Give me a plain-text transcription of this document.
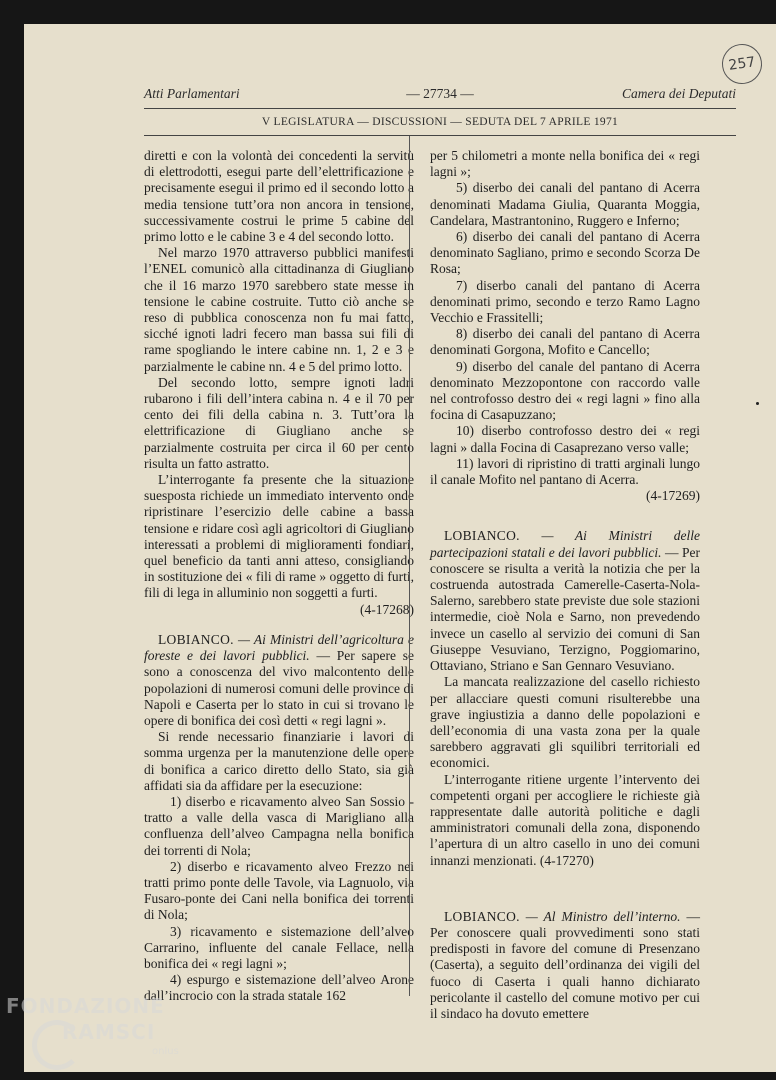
257
Atti Parlamentari	— 27734 —	Camera dei Deputati
V LEGISLATURA — DISCUSSIONI — SEDUTA DEL 7 APRILE 1971

diretti e con la volontà dei concedenti la servitù di elettrodotti, esegui parte dell’elettrificazione e precisamente esegui il primo ed il secondo lotto a media tensione tutt’ora non ancora in tensione, successivamente costrui le prime 5 cabine del primo lotto e le cabine 3 e 4 del secondo lotto.

Nel marzo 1970 attraverso pubblici manifesti l’ENEL comunicò alla cittadinanza di Giugliano che il 16 marzo 1970 sarebbero state messe in tensione le cabine costruite. Tutto ciò anche se reso di pubblica conoscenza non fu mai fatto, sicché ignoti ladri fecero man bassa sui fili di rame spogliando le intere cabine nn. 1, 2 e 3 e parzialmente le cabine nn. 4 e 5 del primo lotto.

Del secondo lotto, sempre ignoti ladri rubarono i fili dell’intera cabina n. 4 e il 70 per cento dei fili della cabina n. 3. Tutt’ora la elettrificazione di Giugliano anche se parzialmente costruita per circa il 60 per cento risulta un fatto astratto.

L’interrogante fa presente che la situazione suesposta richiede un immediato intervento onde ripristinare l’esercizio delle cabine a bassa tensione e ridare così agli agricoltori di Giugliano interessati a problemi di miglioramenti fondiari, quel beneficio da tanti anni atteso, consigliando in sostituzione dei « fili di rame » oggetto di furti, fili di lega in alluminio non soggetti a furti.

(4-17268)

LOBIANCO. — Ai Ministri dell’agricoltura e foreste e dei lavori pubblici. — Per sapere se sono a conoscenza del vivo malcontento delle popolazioni di numerosi comuni delle province di Napoli e Caserta per lo stato in cui si trovano le opere di bonifica dei così detti « regi lagni ».

Si rende necessario finanziarie i lavori di somma urgenza per la manutenzione delle opere di bonifica a carico diretto dello Stato, sia già affidati sia da affidare per la esecuzione:

1) diserbo e ricavamento alveo San Sossio - tratto a valle della vasca di Marigliano alla confluenza dell’alveo Campagna nella bonifica dei torrenti di Nola;

2) diserbo e ricavamento alveo Frezzo nei tratti primo ponte delle Tavole, via Lagnuolo, via Fusaro-ponte dei Cani nella bonifica dei torrenti di Nola;

3) ricavamento e sistemazione dell’alveo Carrarino, influente del canale Fellace, nella bonifica dei « regi lagni »;

4) espurgo e sistemazione dell’alveo Arone dall’incrocio con la strada statale 162

per 5 chilometri a monte nella bonifica dei « regi lagni »;

5) diserbo dei canali del pantano di Acerra denominati Madama Giulia, Quaranta Moggia, Candelara, Mastrantonino, Ruggero e Inferno;

6) diserbo dei canali del pantano di Acerra denominato Sagliano, primo e secondo Scorza De Rosa;

7) diserbo canali del pantano di Acerra denominati primo, secondo e terzo Ramo Lagno Vecchio e Frassitelli;

8) diserbo dei canali del pantano di Acerra denominati Gorgona, Mofito e Cancello;

9) diserbo del canale del pantano di Acerra denominato Mezzopontone con raccordo valle nel controfosso destro dei « regi lagni » fino alla focina di Casapuzzano;

10) diserbo controfosso destro dei « regi lagni » dalla Focina di Casaprezano verso valle;

11) lavori di ripristino di tratti arginali lungo il canale Mofito nel pantano di Acerra.

(4-17269)

LOBIANCO. — Ai Ministri delle partecipazioni statali e dei lavori pubblici. — Per conoscere se risulta a verità la notizia che per la costruenda autostrada Camerelle-Caserta-Nola-Salerno, sarebbero state previste due sole stazioni intermedie, cioè Nola e Sarno, non prevedendo invece un casello al servizio dei comuni di San Giuseppe Vesuviano, Terzigno, Poggiomarino, Ottaviano, Striano e San Gennaro Vesuviano.

La mancata realizzazione del casello richiesto per allacciare questi comuni risulterebbe una grave ingiustizia a danno delle popolazioni e dell’economia di una vasta zona per la quale sarebbero aggravati gli squilibri territoriali ed economici.

L’interrogante ritiene urgente l’intervento dei competenti organi per accogliere le richieste già rappresentate dalle autorità politiche e dagli amministratori comunali della zona, disponendo l’apertura di un altro casello in uno dei comuni innanzi menzionati. (4-17270)

LOBIANCO. — Al Ministro dell’interno. — Per conoscere quali provvedimenti sono stati predisposti in favore del comune di Presenzano (Caserta), a seguito dell’ordinanza dei vigili del fuoco di Caserta i quali hanno dichiarato pericolante il castello del comune motivo per cui il sindaco ha dovuto emettere

FONDAZIONE
RAMSCI
onlus
